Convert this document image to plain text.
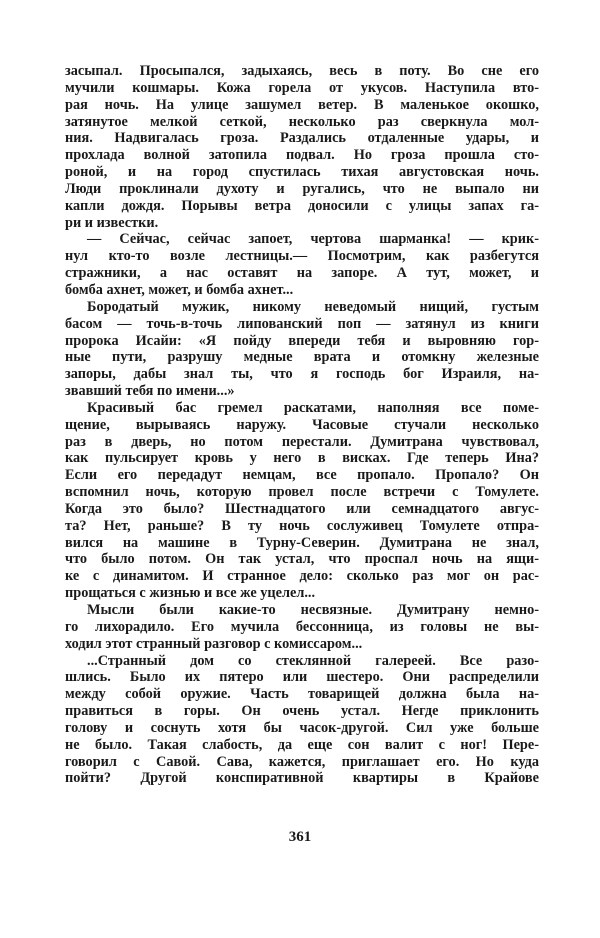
засыпал. Просыпался, задыхаясь, весь в поту. Во сне его
мучили кошмары. Кожа горела от укусов. Наступила вто-
рая ночь. На улице зашумел ветер. В маленькое окошко,
затянутое мелкой сеткой, несколько раз сверкнула мол-
ния. Надвигалась гроза. Раздались отдаленные удары, и
прохлада волной затопила подвал. Но гроза прошла сто-
роной, и на город спустилась тихая августовская ночь.
Люди проклинали духоту и ругались, что не выпало ни
капли дождя. Порывы ветра доносили с улицы запах га-
ри и известки.
— Сейчас, сейчас запоет, чертова шарманка! — крик-
нул кто-то возле лестницы.— Посмотрим, как разбегутся
стражники, а нас оставят на запоре. А тут, может, и
бомба ахнет, может, и бомба ахнет...
Бородатый мужик, никому неведомый нищий, густым
басом — точь-в-точь липованский поп — затянул из книги
пророка Исайи: «Я пойду впереди тебя и выровняю гор-
ные пути, разрушу медные врата и отомкну железные
запоры, дабы знал ты, что я господь бог Израиля, на-
звавший тебя по имени...»
Красивый бас гремел раскатами, наполняя все поме-
щение, вырываясь наружу. Часовые стучали несколько
раз в дверь, но потом перестали. Думитрана чувствовал,
как пульсирует кровь у него в висках. Где теперь Ина?
Если его передадут немцам, все пропало. Пропало? Он
вспомнил ночь, которую провел после встречи с Томулете.
Когда это было? Шестнадцатого или семнадцатого авгус-
та? Нет, раньше? В ту ночь сослуживец Томулете отпра-
вился на машине в Турну-Северин. Думитрана не знал,
что было потом. Он так устал, что проспал ночь на ящи-
ке с динамитом. И странное дело: сколько раз мог он рас-
прощаться с жизнью и все же уцелел...
Мысли были какие-то несвязные. Думитрану немно-
го лихорадило. Его мучила бессонница, из головы не вы-
ходил этот странный разговор с комиссаром...
...Странный дом со стеклянной галереей. Все разо-
шлись. Было их пятеро или шестеро. Они распределили
между собой оружие. Часть товарищей должна была на-
правиться в горы. Он очень устал. Негде приклонить
голову и соснуть хотя бы часок-другой. Сил уже больше
не было. Такая слабость, да еще сон валит с ног! Пере-
говорил с Савой. Сава, кажется, приглашает его. Но куда
пойти? Другой конспиративной квартиры в Крайове
361
